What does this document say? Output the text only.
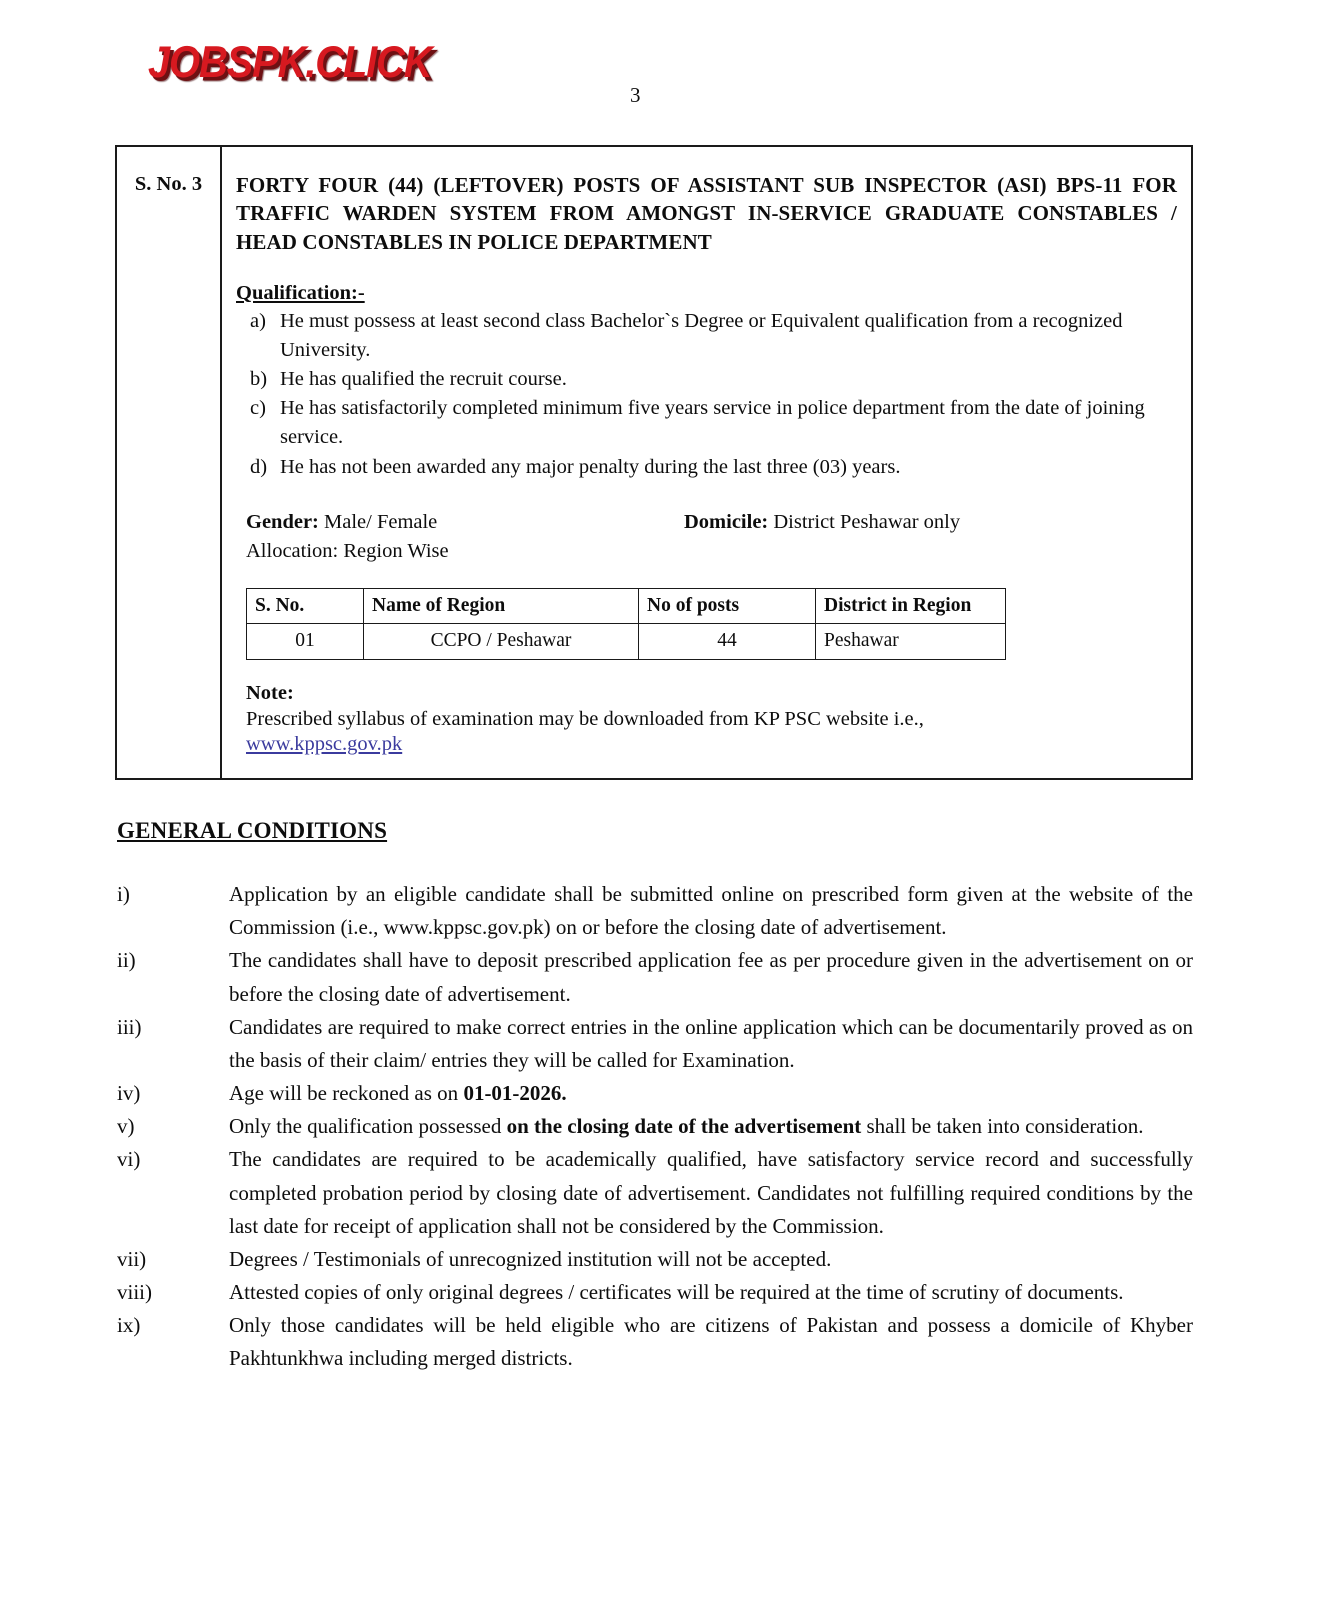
JOBSPK.CLICK
3
S. No. 3	FORTY FOUR (44) (LEFTOVER) POSTS OF ASSISTANT SUB INSPECTOR (ASI) BPS-11 FOR TRAFFIC WARDEN SYSTEM FROM AMONGST IN-SERVICE GRADUATE CONSTABLES / HEAD CONSTABLES IN POLICE DEPARTMENT
Qualification:-
a) He must possess at least second class Bachelor`s Degree or Equivalent qualification from a recognized University.
b) He has qualified the recruit course.
c) He has satisfactorily completed minimum five years service in police department from the date of joining service.
d) He has not been awarded any major penalty during the last three (03) years.
Gender: Male/ Female	Domicile: District Peshawar only
Allocation: Region Wise
S. No.	Name of Region	No of posts	District in Region
01	CCPO / Peshawar	44	Peshawar
Note:
Prescribed syllabus of examination may be downloaded from KP PSC website i.e.,
www.kppsc.gov.pk
GENERAL CONDITIONS
i)	Application by an eligible candidate shall be submitted online on prescribed form given at the website of the Commission (i.e., www.kppsc.gov.pk) on or before the closing date of advertisement.
ii)	The candidates shall have to deposit prescribed application fee as per procedure given in the advertisement on or before the closing date of advertisement.
iii)	Candidates are required to make correct entries in the online application which can be documentarily proved as on the basis of their claim/ entries they will be called for Examination.
iv)	Age will be reckoned as on 01-01-2026.
v)	Only the qualification possessed on the closing date of the advertisement shall be taken into consideration.
vi)	The candidates are required to be academically qualified, have satisfactory service record and successfully completed probation period by closing date of advertisement. Candidates not fulfilling required conditions by the last date for receipt of application shall not be considered by the Commission.
vii)	Degrees / Testimonials of unrecognized institution will not be accepted.
viii)	Attested copies of only original degrees / certificates will be required at the time of scrutiny of documents.
ix)	Only those candidates will be held eligible who are citizens of Pakistan and possess a domicile of Khyber Pakhtunkhwa including merged districts.
